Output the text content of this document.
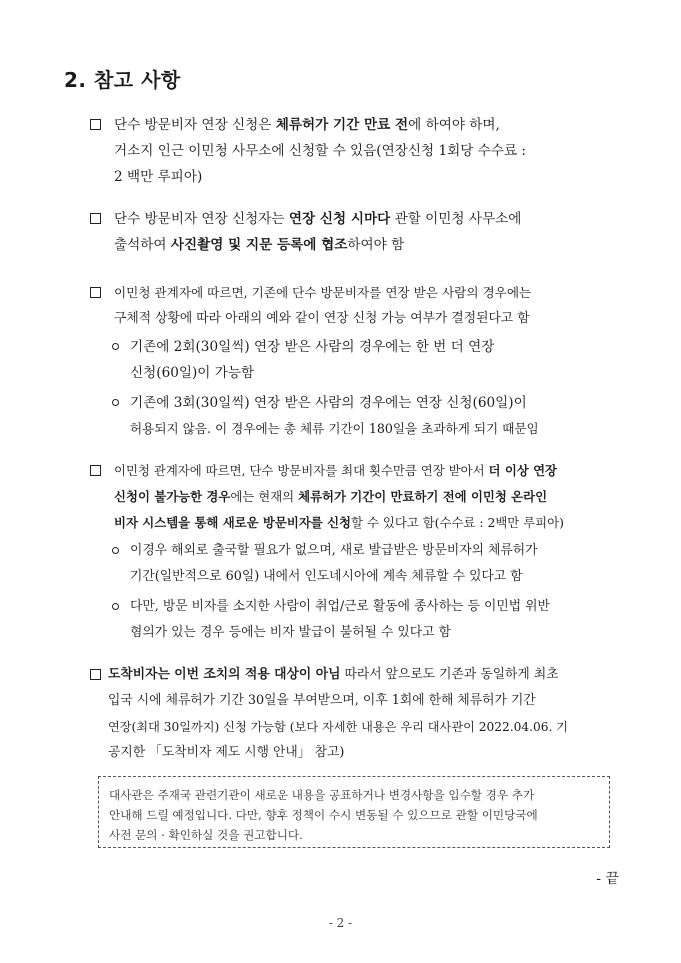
2. 참고 사항
단수 방문비자 연장 신청은 체류허가 기간 만료 전에 하여야 하며,
거소지 인근 이민청 사무소에 신청할 수 있음(연장신청 1회당 수수료 :
2 백만 루피아)
단수 방문비자 연장 신청자는 연장 신청 시마다 관할 이민청 사무소에
출석하여 사진촬영 및 지문 등록에 협조하여야 함
이민청 관계자에 따르면, 기존에 단수 방문비자를 연장 받은 사람의 경우에는
구체적 상황에 따라 아래의 예와 같이 연장 신청 가능 여부가 결정된다고 함
기존에 2회(30일씩) 연장 받은 사람의 경우에는 한 번 더 연장
신청(60일)이 가능함
기존에 3회(30일씩) 연장 받은 사람의 경우에는 연장 신청(60일)이
허용되지 않음. 이 경우에는 총 체류 기간이 180일을 초과하게 되기 때문임
이민청 관계자에 따르면, 단수 방문비자를 최대 횟수만큼 연장 받아서 더 이상 연장
신청이 불가능한 경우에는 현재의 체류허가 기간이 만료하기 전에 이민청 온라인
비자 시스템을 통해 새로운 방문비자를 신청할 수 있다고 함(수수료 : 2백만 루피아)
이경우 해외로 출국할 필요가 없으며, 새로 발급받은 방문비자의 체류허가
기간(일반적으로 60일) 내에서 인도네시아에 계속 체류할 수 있다고 함
다만, 방문 비자를 소지한 사람이 취업/근로 활동에 종사하는 등 이민법 위반
혐의가 있는 경우 등에는 비자 발급이 불허될 수 있다고 함
도착비자는 이번 조치의 적용 대상이 아님 따라서 앞으로도 기존과 동일하게 최초
입국 시에 체류허가 기간 30일을 부여받으며, 이후 1회에 한해 체류허가 기간
연장(최대 30일까지) 신청 가능함 (보다 자세한 내용은 우리 대사관이 2022.04.06. 기
공지한 「도착비자 제도 시행 안내」 참고)
대사관은 주재국 관련기관이 새로운 내용을 공표하거나 변경사항을 입수할 경우 추가
안내해 드릴 예정입니다. 다만, 향후 정책이 수시 변동될 수 있으므로 관할 이민당국에
사전 문의 · 확인하실 것을 권고합니다.
- 끝
- 2 -
